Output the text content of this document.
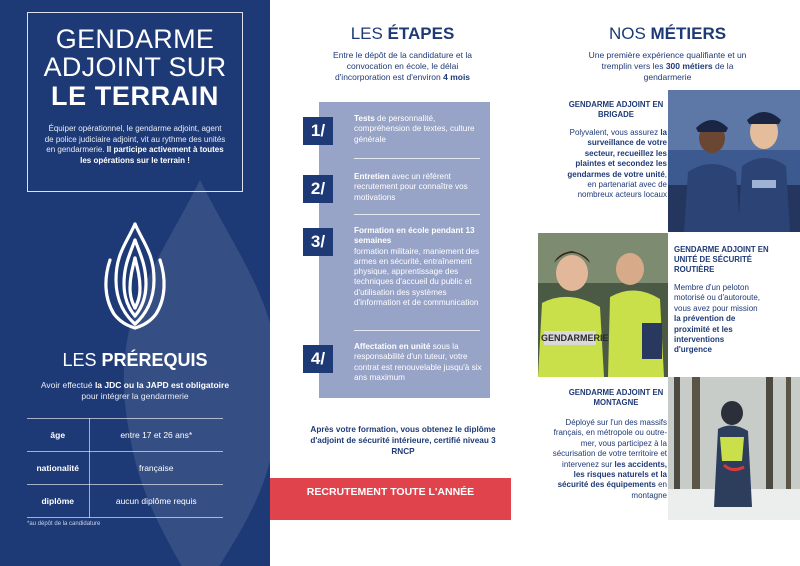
GENDARME
ADJOINT SUR
LE TERRAIN
Équiper opérationnel, le gendarme adjoint, agent de police judiciaire adjoint, vit au rythme des unités en gendarmerie. Il participe activement à toutes les opérations sur le terrain !
LES PRÉREQUIS
Avoir effectué la JDC ou la JAPD est obligatoire pour intégrer la gendarmerie
âge	entre 17 et 26 ans*
nationalité	française
diplôme	aucun diplôme requis
*au dépôt de la candidature
LES ÉTAPES
Entre le dépôt de la candidature et la convocation en école, le délai d'incorporation est d'environ 4 mois
Tests de personnalité, compréhension de textes, culture générale
Entretien avec un référent recrutement pour connaître vos motivations
Formation en école pendant 13 semaines
formation militaire, maniement des armes en sécurité, entraînement physique, apprentissage des techniques d'accueil du public et d'utilisation des systèmes d'information et de communication
Affectation en unité sous la responsabilité d'un tuteur, votre contrat est renouvelable jusqu'à six ans maximum
1/
2/
3/
4/
Après votre formation, vous obtenez le diplôme d'adjoint de sécurité intérieure, certifié niveau 3 RNCP
RECRUTEMENT TOUTE L'ANNÉE
NOS MÉTIERS
Une première expérience qualifiante et un tremplin vers les 300 métiers de la gendarmerie
GENDARME ADJOINT EN BRIGADE
Polyvalent, vous assurez la surveillance de votre secteur, recueillez les plaintes et secondez les gendarmes de votre unité, en partenariat avec de nombreux acteurs locaux
GENDARMERIE
GENDARME ADJOINT EN UNITÉ DE SÉCURITÉ ROUTIÈRE
Membre d'un peloton motorisé ou d'autoroute, vous avez pour mission la prévention de proximité et les interventions d'urgence
GENDARME ADJOINT EN MONTAGNE
Déployé sur l'un des massifs français, en métropole ou outre-mer, vous participez à la sécurisation de votre territoire et intervenez sur les accidents, les risques naturels et la sécurité des équipements en montagne
